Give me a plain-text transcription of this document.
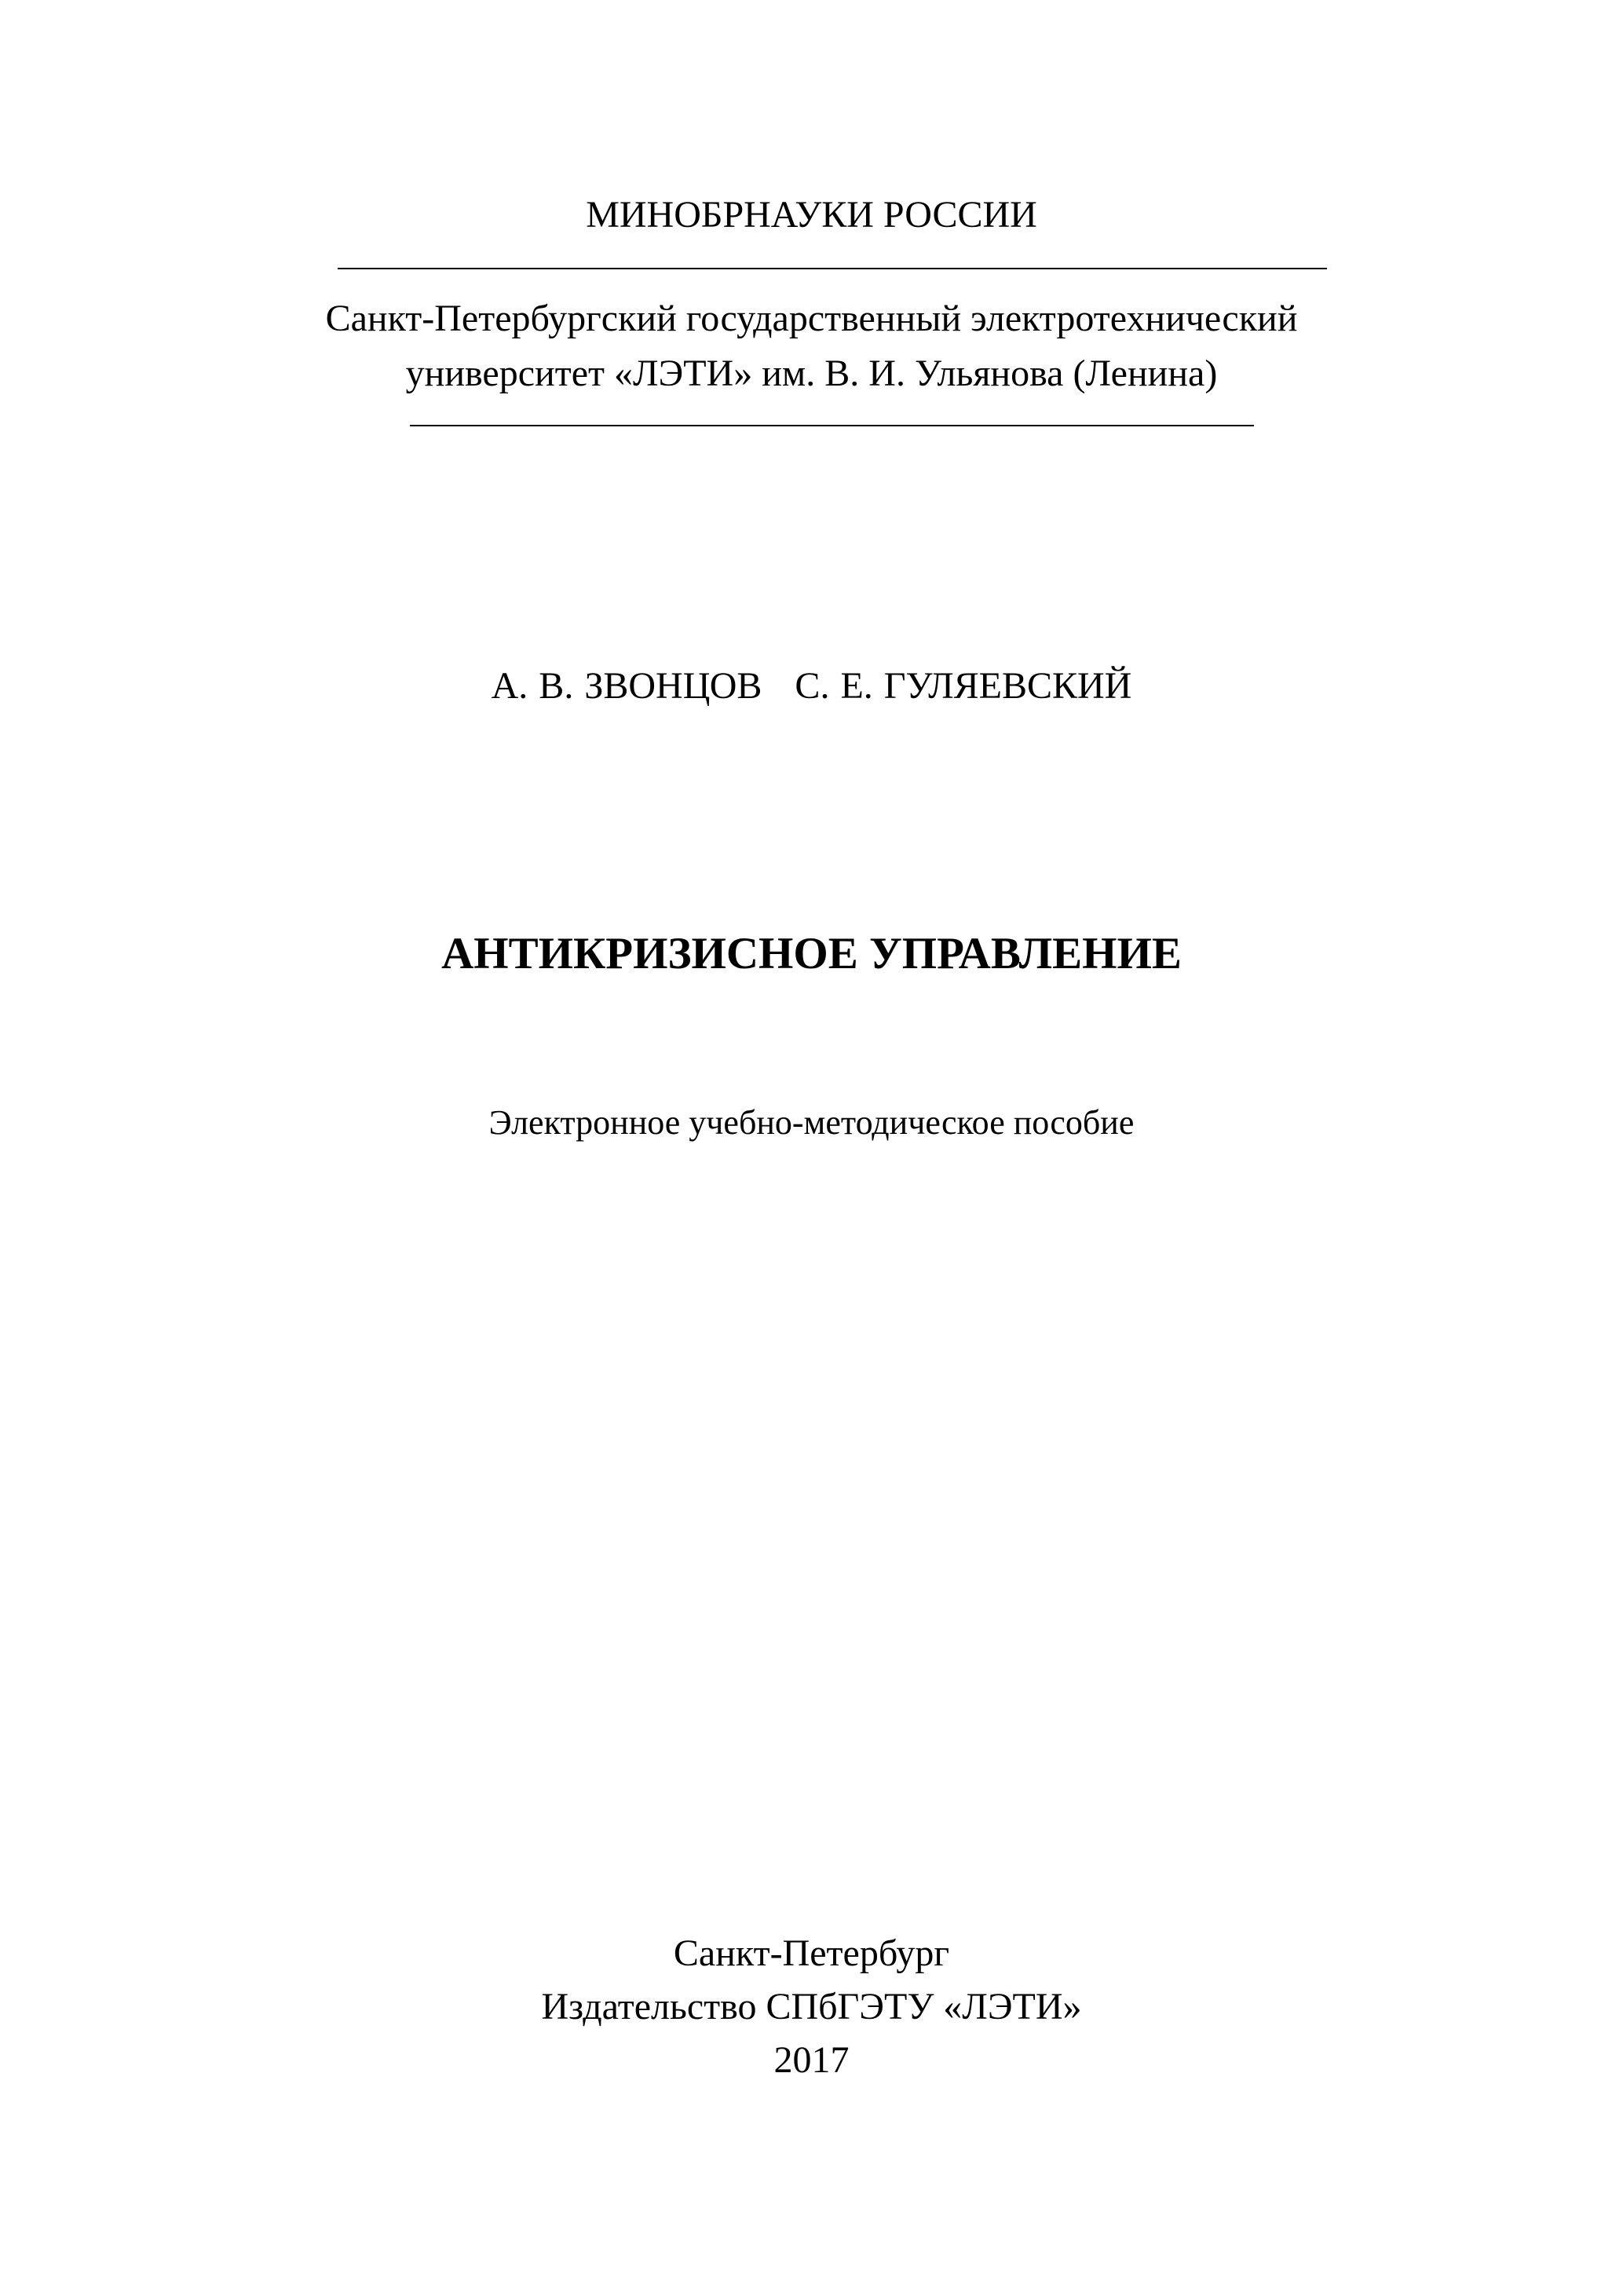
МИНОБРНАУКИ РОССИИ
Санкт-Петербургский государственный электротехнический
университет «ЛЭТИ» им. В. И. Ульянова (Ленина)
А. В. ЗВОНЦОВ   С. Е. ГУЛЯЕВСКИЙ
АНТИКРИЗИСНОЕ УПРАВЛЕНИЕ
Электронное учебно-методическое пособие
Санкт-Петербург
Издательство СПбГЭТУ «ЛЭТИ»
2017
